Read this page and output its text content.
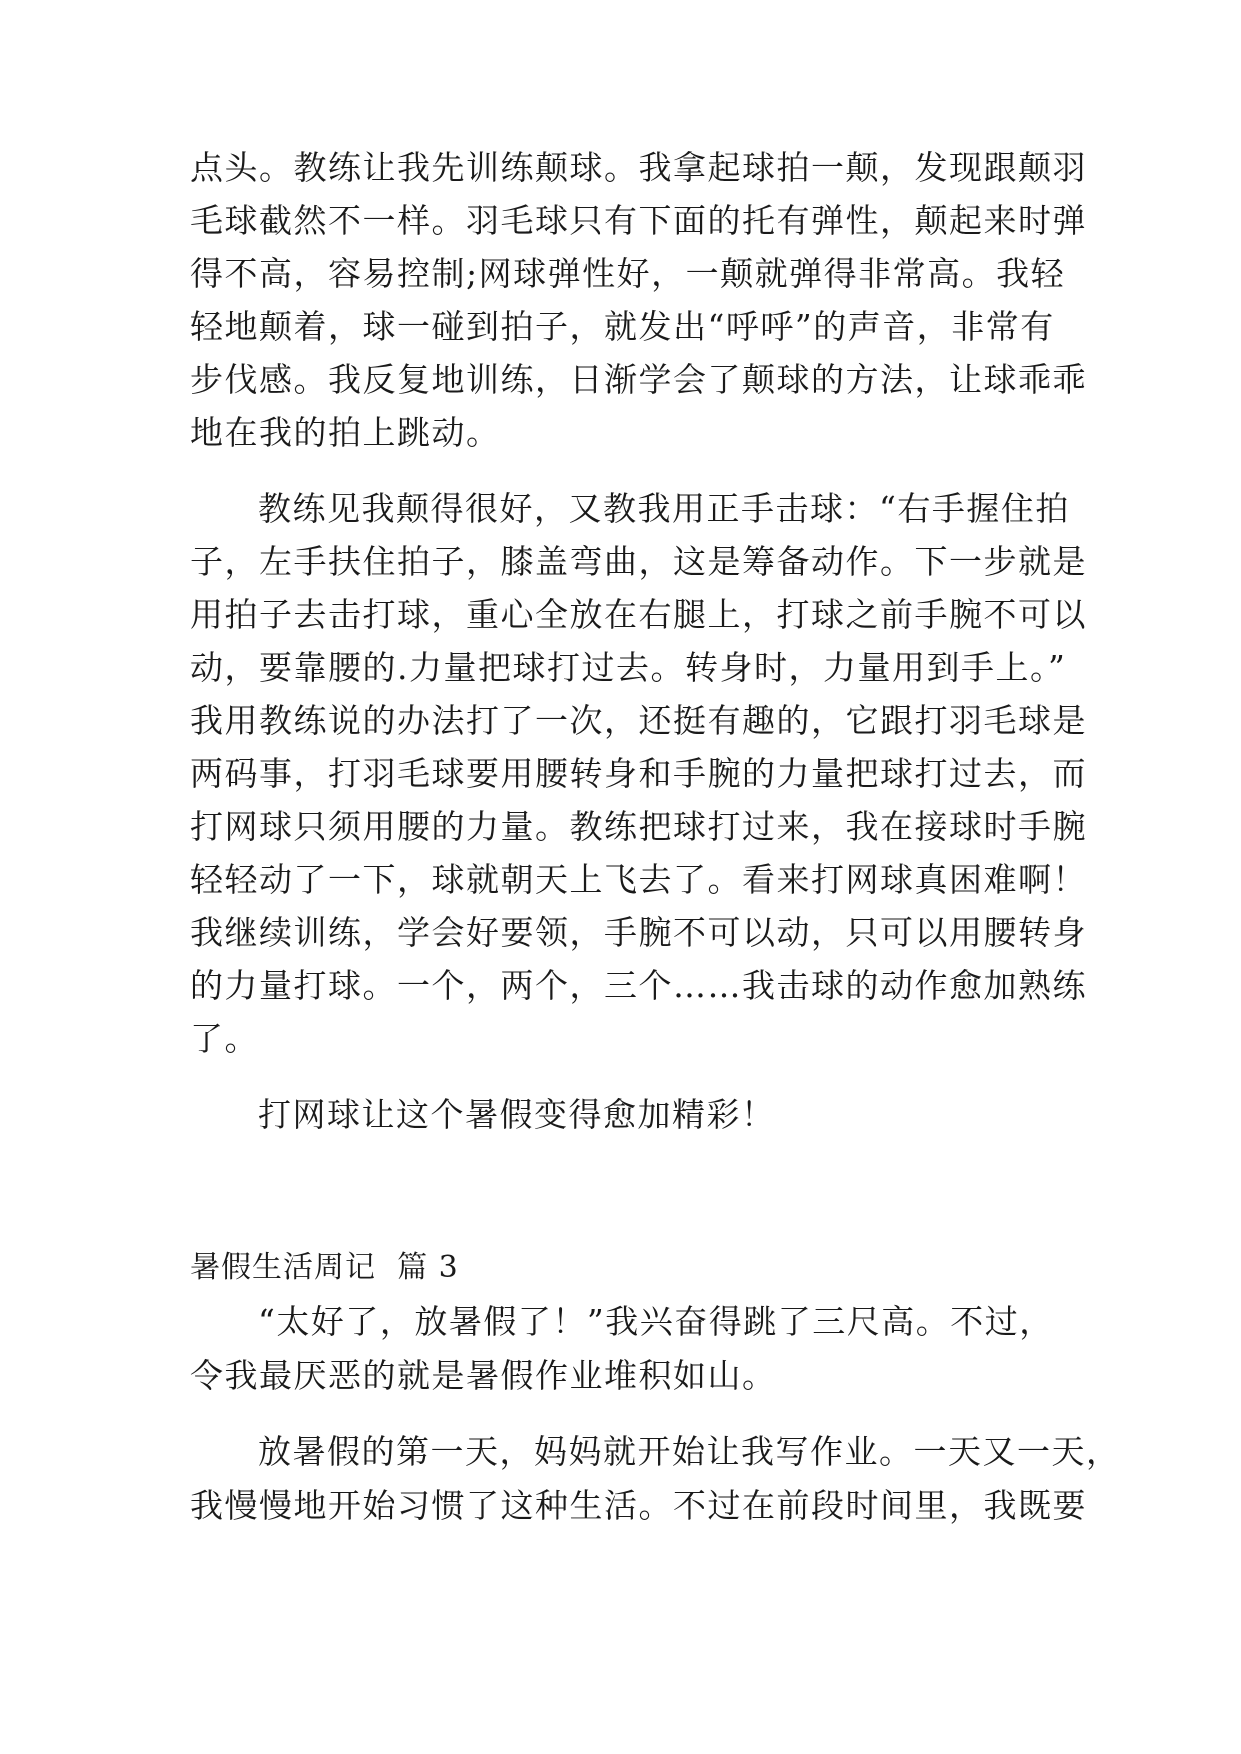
点头。教练让我先训练颠球。我拿起球拍一颠，发现跟颠羽
毛球截然不一样。羽毛球只有下面的托有弹性，颠起来时弹
得不高，容易控制;网球弹性好，一颠就弹得非常高。我轻
轻地颠着，球一碰到拍子，就发出“呼呼”的声音，非常有
步伐感。我反复地训练，日渐学会了颠球的方法，让球乖乖
地在我的拍上跳动。
教练见我颠得很好，又教我用正手击球：“右手握住拍
子，左手扶住拍子，膝盖弯曲，这是筹备动作。下一步就是
用拍子去击打球，重心全放在右腿上，打球之前手腕不可以
动，要靠腰的.力量把球打过去。转身时，力量用到手上。”
我用教练说的办法打了一次，还挺有趣的，它跟打羽毛球是
两码事，打羽毛球要用腰转身和手腕的力量把球打过去，而
打网球只须用腰的力量。教练把球打过来，我在接球时手腕
轻轻动了一下，球就朝天上飞去了。看来打网球真困难啊！
我继续训练，学会好要领，手腕不可以动，只可以用腰转身
的力量打球。一个，两个，三个……我击球的动作愈加熟练
了。
打网球让这个暑假变得愈加精彩！
暑假生活周记  篇 3
“太好了，放暑假了！”我兴奋得跳了三尺高。不过，
令我最厌恶的就是暑假作业堆积如山。
放暑假的第一天，妈妈就开始让我写作业。一天又一天，
我慢慢地开始习惯了这种生活。不过在前段时间里，我既要
